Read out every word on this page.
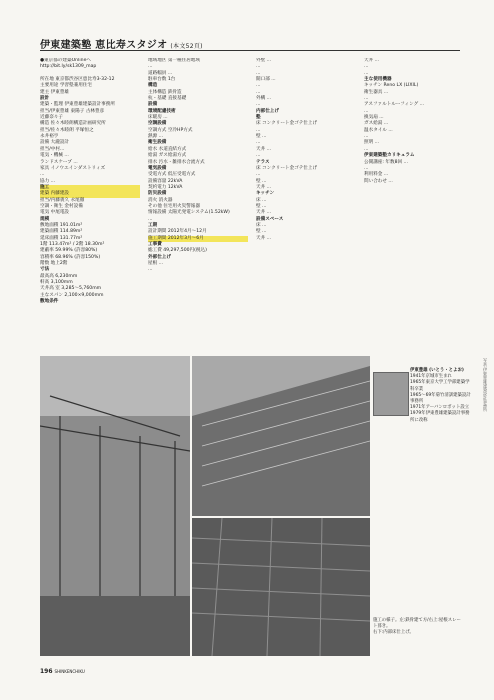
伊東建築塾 恵比寿スタジオ (本文52頁)
●東京都の建築Onlineへ
http://bit.ly/sk1309_map
所在地 東京都渋谷区恵比寿3-32-12
主要用途 学習塾兼用住宅
建主 伊東豊雄
設計
建築・監理 伊東豊雄建築設計事務所
担当/伊東豊雄 東陽子 古林豊彦
近藤奈々子
構造 佐々木睦朗構造計画研究所
担当/佐々木睦朗 平塚恒之
永井裕亨
設備 大瀧設計
担当/中村...
電気・機械 ...
ランドスケープ ...
家具 イノウエインダストリィズ
...
協力 ...
施工
建築 内藤建設
担当/内藤義久 永尾徹
空調・衛生 金村設備
電気 中尾電設
規模
敷地面積 191.01m²
建築面積 114.89m²
延床面積 131.77m²
1階 113.47m² / 2階 18.30m²
建蔽率 59.99% (許容80%)
容積率 68.96% (許容150%)
階数 地上2階
寸法
最高高 6,230mm
軒高 3,100mm
天井高 室 3,285〜5,760mm
主なスパン 2,100×9,000mm
敷地条件
地域地区 第一種住居地域
...
道路幅員 ...
駐車台数 1台
構造
主体構造 鉄骨造
杭・基礎 直接基礎
設備
環境配慮技術
床暖房 ...
空調設備
空調方式 空冷HP方式
熱源 ...
衛生設備
給水 水道直結方式
給湯 ガス給湯方式
排水 汚水・雑排水合流方式
電気設備
受電方式 低圧受電方式
設備容量 22kVA
契約電力 12kVA
防災設備
消火 消火器
その他 住宅用火災警報器
情報設備 太陽光発電システム(1.52kW)
...
工期
設計期間 2012年4月〜12月
施工期間 2012年3月〜6月
工事費
総工費 49,297,500円(税込)
外部仕上げ
屋根 ...
...
外壁 ...
...
...
開口部 ...
...
...
外構 ...
...
内部仕上げ
塾
床 コンクリート金ゴテ仕上げ
...
壁 ...
...
天井 ...
...
テラス
床 コンクリート金ゴテ仕上げ
...
壁 ...
天井 ...
キッチン
床 ...
壁 ...
天井 ...
設備スペース
床 ...
壁 ...
天井 ...
天井 ...
...
...
主な使用機器
キッチン Reno LX (LIXIL)
衛生器具 ...
...
アスファルトルーフィング ...
...
換気扇 ...
ガス給湯 ...
温水タイル ...
...
照明 ...
...
伊東建築塾カリキュラム
公開講座: 年数8回 ...
...
利用料金 ...
問い合わせ ...
写真:伊東豊雄建築設計事務所
伊東豊雄 (いとう・とよお)
1941年京城市生まれ
1965年東京大学工学部建築学科卒業
1965〜69年菊竹清訓建築設計事務所
1971年アーバンロボット設立
1979年伊東豊雄建築設計事務所に改称
施工の様子。左:鉄骨建て方/右上:屋根スレート葺き。
右下:内部床仕上げ。
196 SHINKENCHIKU
